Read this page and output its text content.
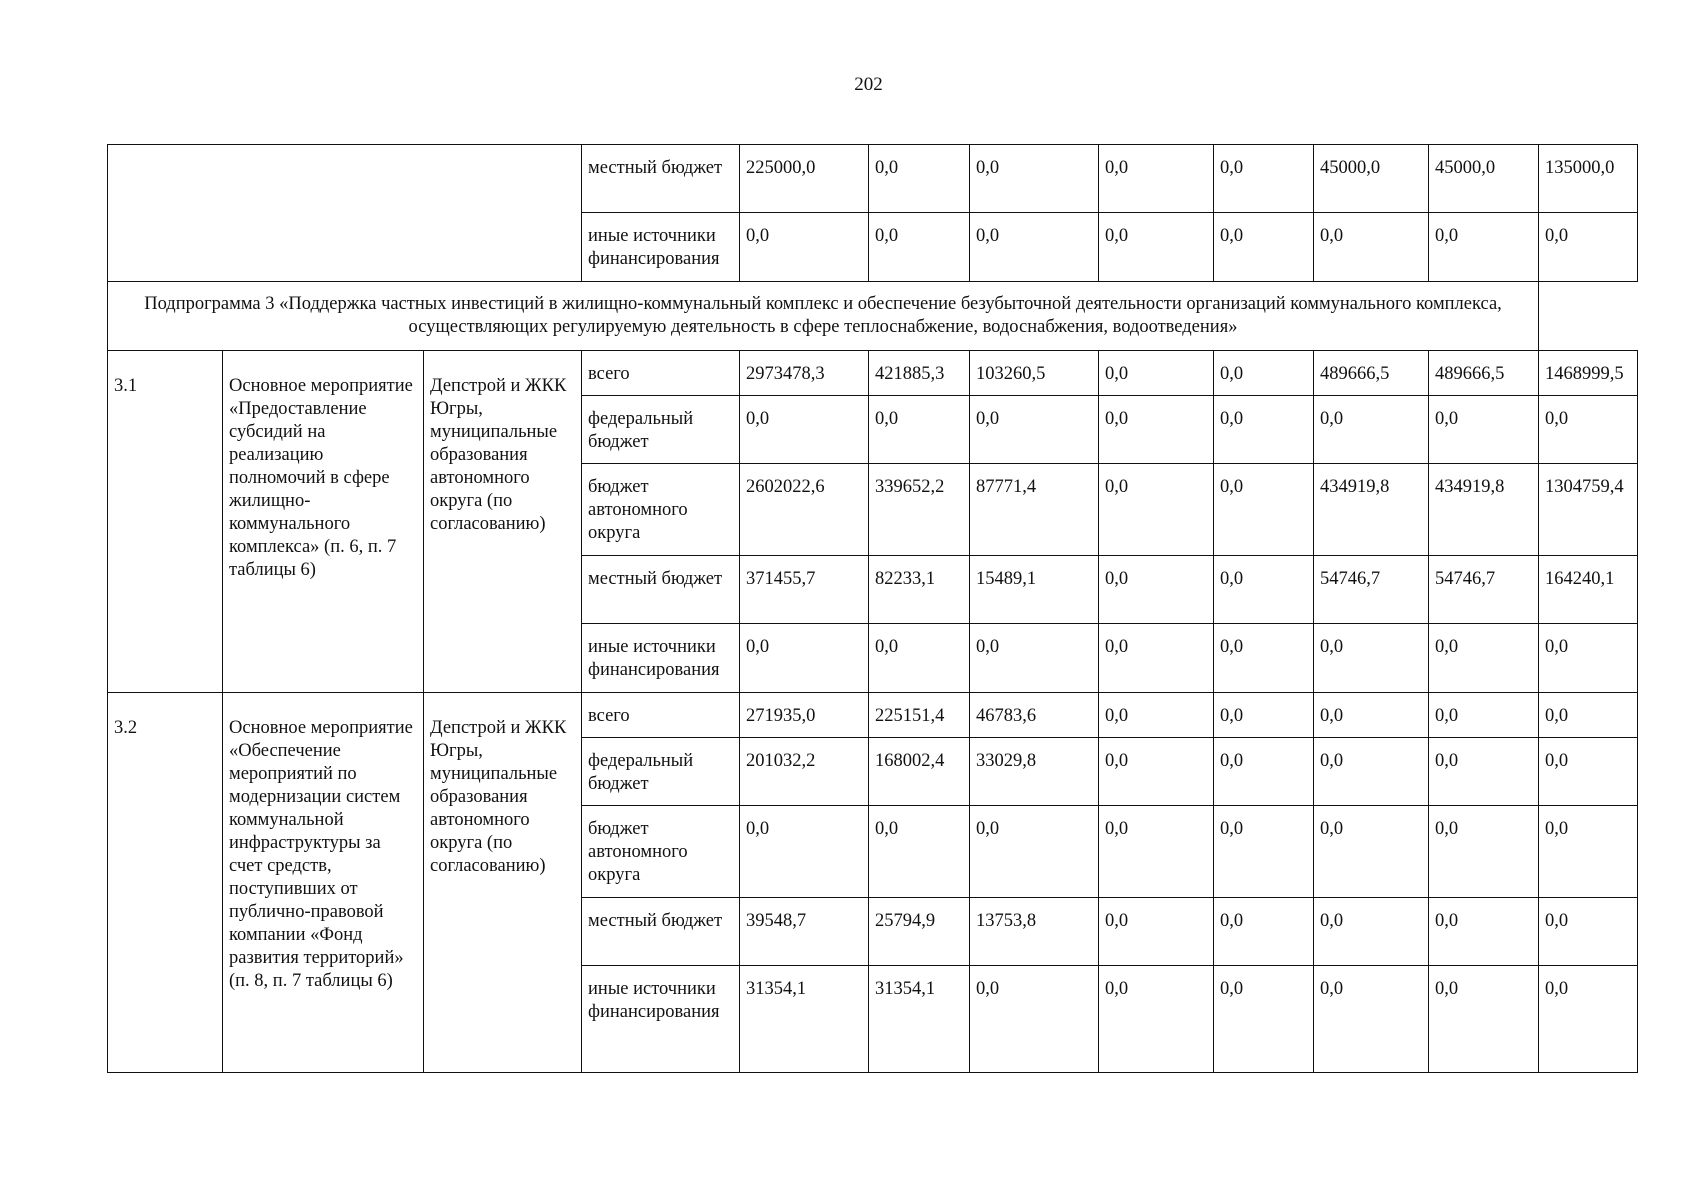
202
			местный бюджет	225000,0	0,0	0,0	0,0	0,0	45000,0	45000,0	135000,0
			иные источники финансирования	0,0	0,0	0,0	0,0	0,0	0,0	0,0	0,0
Подпрограмма 3 «Поддержка частных инвестиций в жилищно-коммунальный комплекс и обеспечение безубыточной деятельности организаций коммунального комплекса, осуществляющих регулируемую деятельность в сфере теплоснабжение, водоснабжения, водоотведения»											
3.1	Основное мероприятие «Предоставление субсидий на реализацию полномочий в сфере жилищно-коммунального комплекса» (п. 6, п. 7 таблицы 6)	Депстрой и ЖКК Югры, муниципальные образования автономного округа (по согласованию)	всего	2973478,3	421885,3	103260,5	0,0	0,0	489666,5	489666,5	1468999,5
			федеральный бюджет	0,0	0,0	0,0	0,0	0,0	0,0	0,0	0,0
			бюджет автономного округа	2602022,6	339652,2	87771,4	0,0	0,0	434919,8	434919,8	1304759,4
			местный бюджет	371455,7	82233,1	15489,1	0,0	0,0	54746,7	54746,7	164240,1
			иные источники финансирования	0,0	0,0	0,0	0,0	0,0	0,0	0,0	0,0
3.2	Основное мероприятие «Обеспечение мероприятий по модернизации систем коммунальной инфраструктуры за счет средств, поступивших от публично-правовой компании «Фонд развития территорий» (п. 8, п. 7 таблицы 6)	Депстрой и ЖКК Югры, муниципальные образования автономного округа (по согласованию)	всего	271935,0	225151,4	46783,6	0,0	0,0	0,0	0,0	0,0
			федеральный бюджет	201032,2	168002,4	33029,8	0,0	0,0	0,0	0,0	0,0
			бюджет автономного округа	0,0	0,0	0,0	0,0	0,0	0,0	0,0	0,0
			местный бюджет	39548,7	25794,9	13753,8	0,0	0,0	0,0	0,0	0,0
			иные источники финансирования	31354,1	31354,1	0,0	0,0	0,0	0,0	0,0	0,0
